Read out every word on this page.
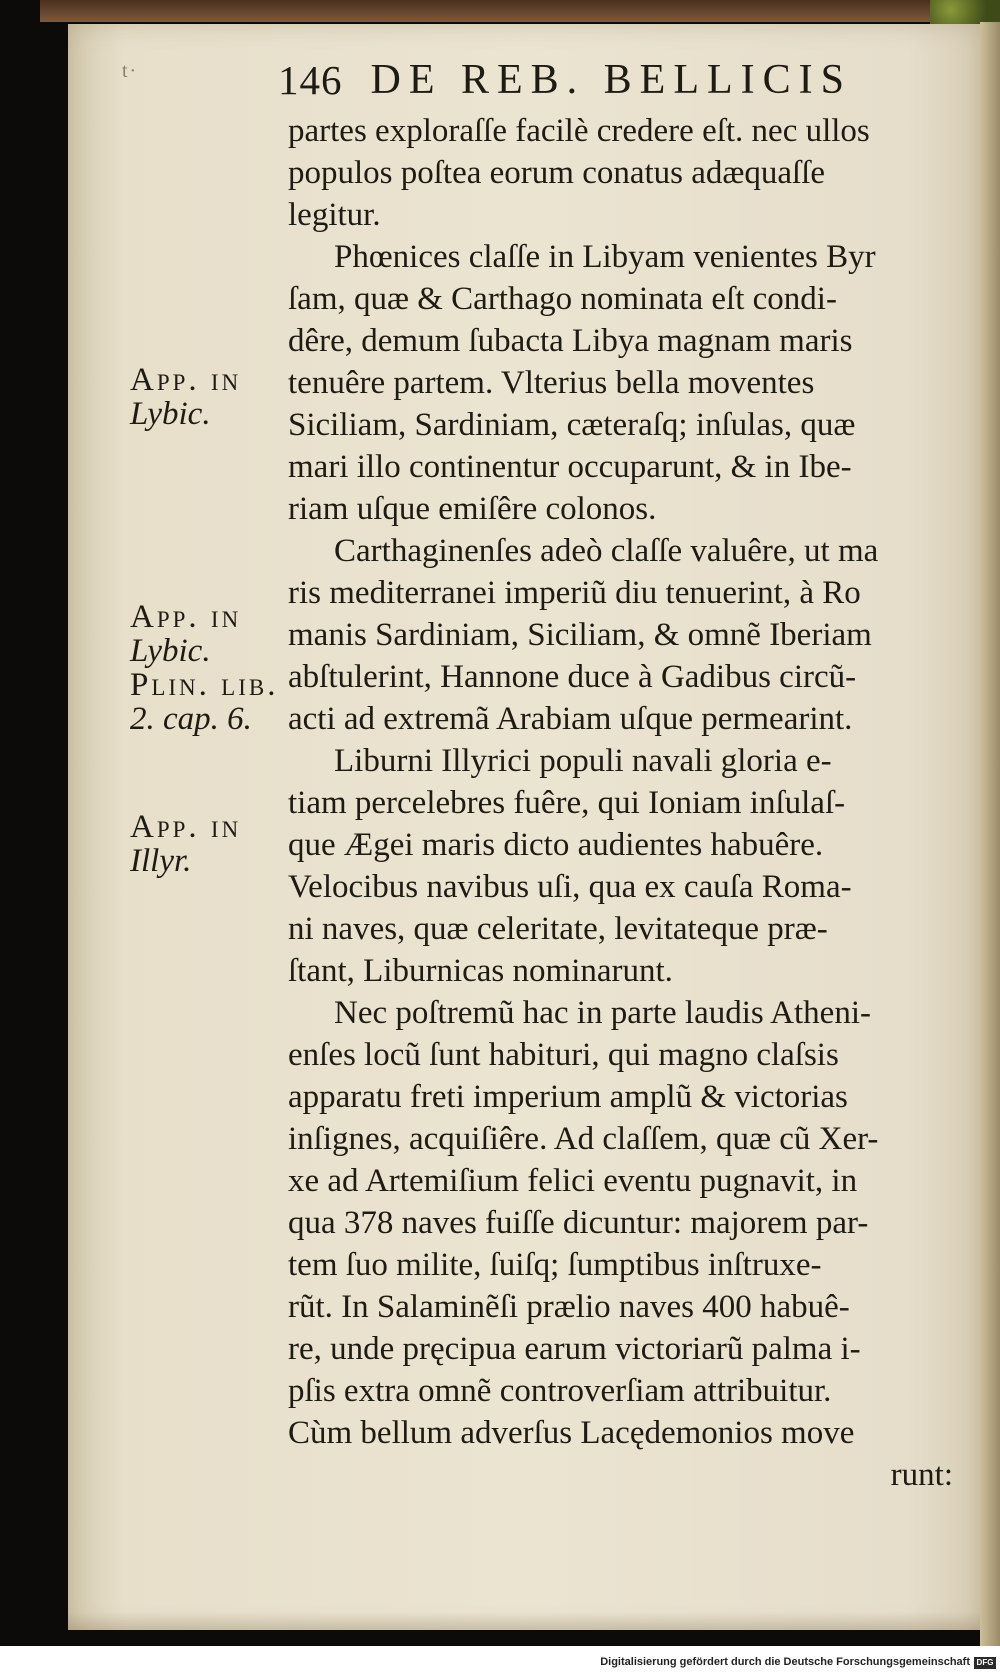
t·	146 DE REB. BELLICIS
App. in
Lybic.
App. in
Lybic.
Plin. lib.
2. cap. 6.
App. in
Illyr.
partes exploraſſe facilè credere eſt. nec ullos
populos poſtea eorum conatus adæquaſſe
legitur.
Phœnices claſſe in Libyam venientes Byr
ſam, quæ & Carthago nominata eſt condi-
dêre, demum ſubacta Libya magnam maris
tenuêre partem. Vlterius bella moventes
Siciliam, Sardiniam, cæteraſq; inſulas, quæ
mari illo continentur occuparunt, & in Ibe-
riam uſque emiſêre colonos.
Carthaginenſes adeò claſſe valuêre, ut ma
ris mediterranei imperiũ diu tenuerint, à Ro
manis Sardiniam, Siciliam, & omnẽ Iberiam
abſtulerint, Hannone duce à Gadibus circũ-
acti ad extremã Arabiam uſque permearint.
Liburni Illyrici populi navali gloria e-
tiam percelebres fuêre, qui Ioniam inſulaſ-
que Ægei maris dicto audientes habuêre.
Velocibus navibus uſi, qua ex cauſa Roma-
ni naves, quæ celeritate, levitateque præ-
ſtant, Liburnicas nominarunt.
Nec poſtremũ hac in parte laudis Atheni-
enſes locũ ſunt habituri, qui magno claſsis
apparatu freti imperium amplũ & victorias
inſignes, acquiſiêre. Ad claſſem, quæ cũ Xer-
xe ad Artemiſium felici eventu pugnavit, in
qua 378 naves fuiſſe dicuntur: majorem par-
tem ſuo milite, ſuiſq; ſumptibus inſtruxe-
rũt. In Salaminẽſi prælio naves 400 habuê-
re, unde pręcipua earum victoriarũ palma i-
pſis extra omnẽ controverſiam attribuitur.
Cùm bellum adverſus Lacędemonios move
runt:
Digitalisierung gefördert durch die Deutsche Forschungsgemeinschaft DFG
